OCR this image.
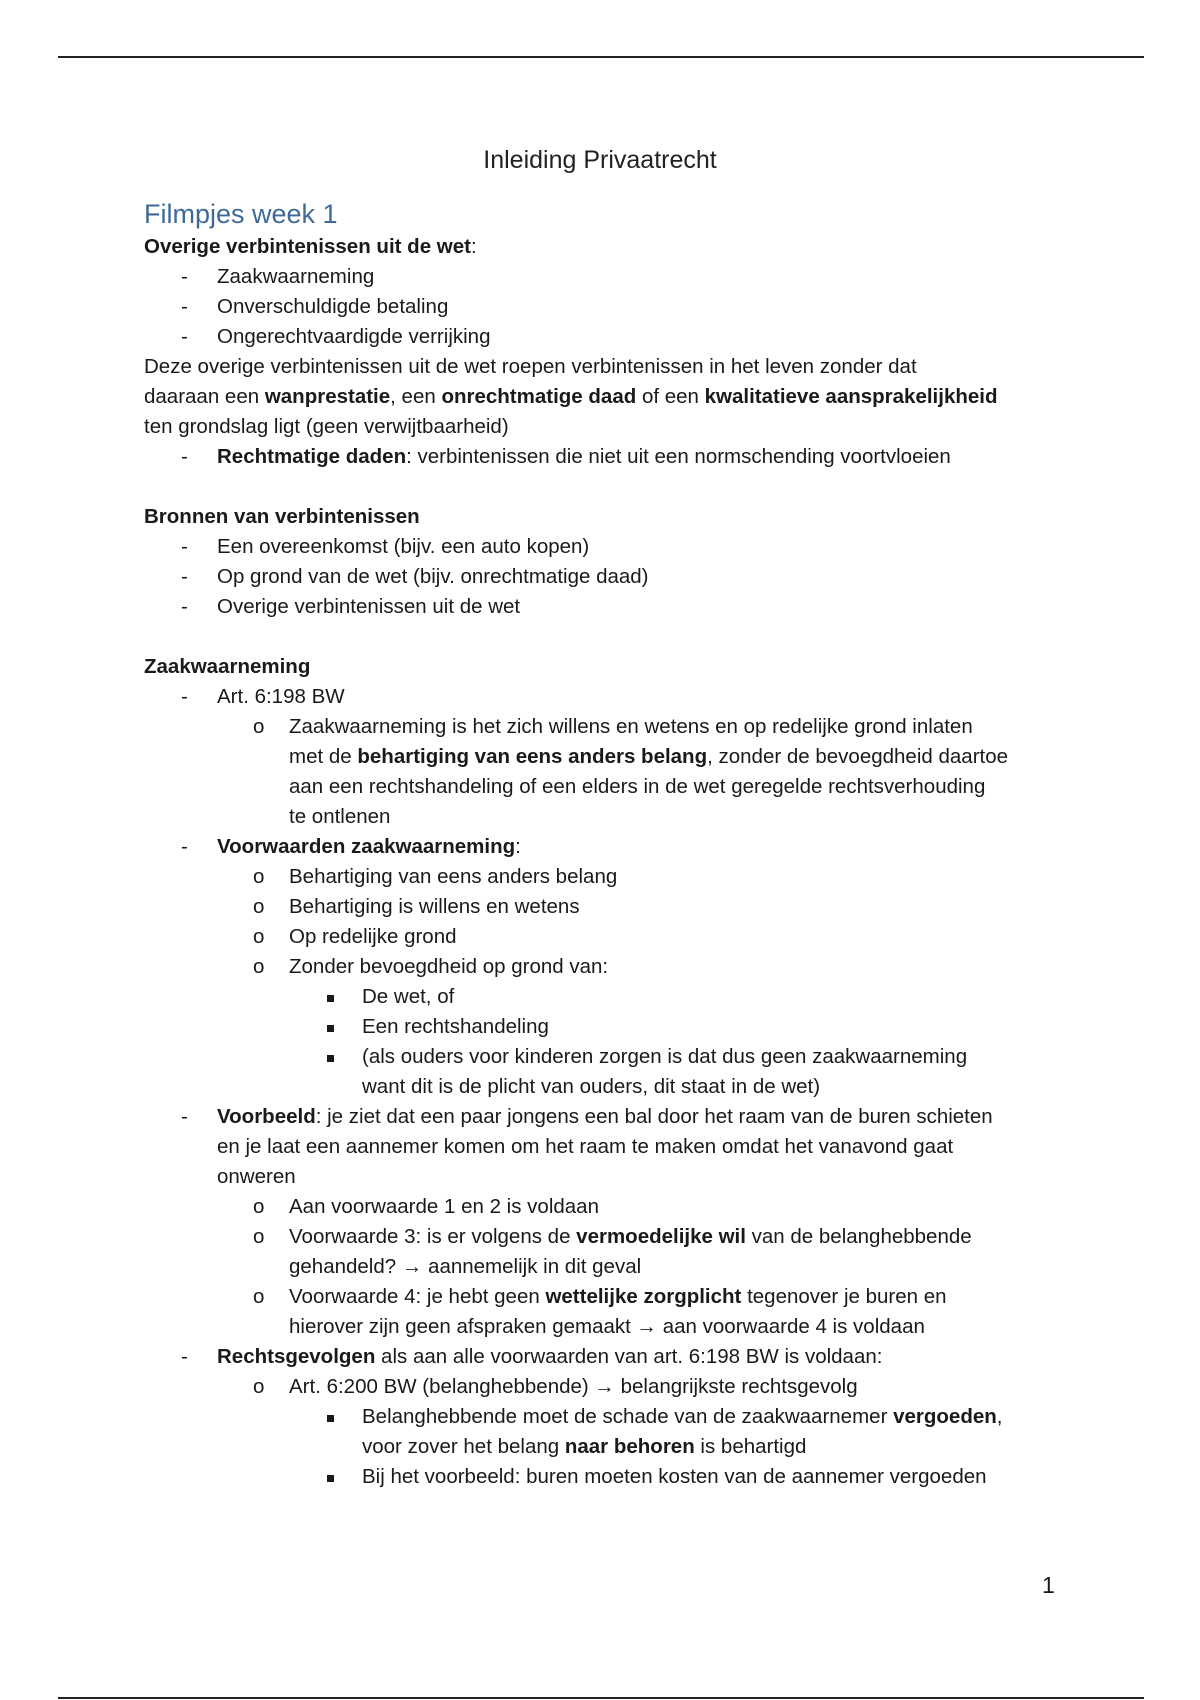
Inleiding Privaatrecht
Filmpjes week 1

Overige verbintenissen uit de wet:

- Zaakwaarneming
- Onverschuldigde betaling
- Ongerechtvaardigde verrijking

Deze overige verbintenissen uit de wet roepen verbintenissen in het leven zonder dat

daaraan een wanprestatie, een onrechtmatige daad of een kwalitatieve aansprakelijkheid

ten grondslag ligt (geen verwijtbaarheid)

- Rechtmatige daden: verbintenissen die niet uit een normschending voortvloeien

Bronnen van verbintenissen

- Een overeenkomst (bijv. een auto kopen)
- Op grond van de wet (bijv. onrechtmatige daad)
- Overige verbintenissen uit de wet

Zaakwaarneming

- Art. 6:198 BW
o Zaakwaarneming is het zich willens en wetens en op redelijke grond inlaten
met de behartiging van eens anders belang, zonder de bevoegdheid daartoe
aan een rechtshandeling of een elders in de wet geregelde rechtsverhouding
te ontlenen
- Voorwaarden zaakwaarneming:
o Behartiging van eens anders belang
o Behartiging is willens en wetens
o Op redelijke grond
o Zonder bevoegdheid op grond van:
De wet, of
Een rechtshandeling
(als ouders voor kinderen zorgen is dat dus geen zaakwaarneming
want dit is de plicht van ouders, dit staat in de wet)
- Voorbeeld: je ziet dat een paar jongens een bal door het raam van de buren schieten
en je laat een aannemer komen om het raam te maken omdat het vanavond gaat
onweren
o Aan voorwaarde 1 en 2 is voldaan
o Voorwaarde 3: is er volgens de vermoedelijke wil van de belanghebbende
gehandeld? → aannemelijk in dit geval
o Voorwaarde 4: je hebt geen wettelijke zorgplicht tegenover je buren en
hierover zijn geen afspraken gemaakt → aan voorwaarde 4 is voldaan
- Rechtsgevolgen als aan alle voorwaarden van art. 6:198 BW is voldaan:
o Art. 6:200 BW (belanghebbende) → belangrijkste rechtsgevolg
Belanghebbende moet de schade van de zaakwaarnemer vergoeden,
voor zover het belang naar behoren is behartigd
Bij het voorbeeld: buren moeten kosten van de aannemer vergoeden
1
